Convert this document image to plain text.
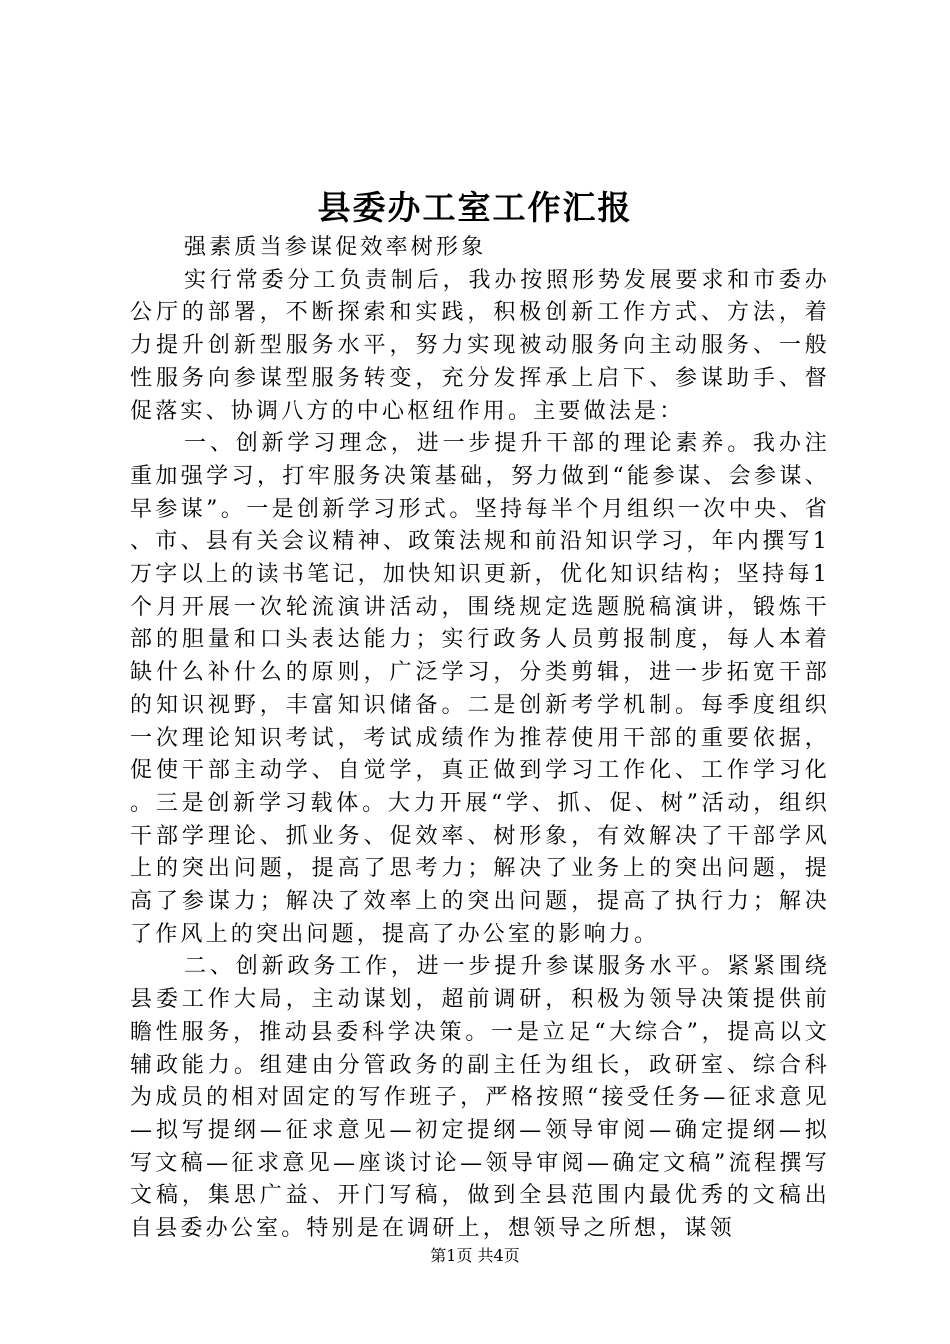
县委办工室工作汇报

强素质当参谋促效率树形象

实行常委分工负责制后，我办按照形势发展要求和市委办公厅的部署，不断探索和实践，积极创新工作方式、方法，着力提升创新型服务水平，努力实现被动服务向主动服务、一般性服务向参谋型服务转变，充分发挥承上启下、参谋助手、督促落实、协调八方的中心枢纽作用。主要做法是：

一、创新学习理念，进一步提升干部的理论素养。我办注重加强学习，打牢服务决策基础，努力做到“能参谋、会参谋、早参谋”。一是创新学习形式。坚持每半个月组织一次中央、省、市、县有关会议精神、政策法规和前沿知识学习，年内撰写1万字以上的读书笔记，加快知识更新，优化知识结构；坚持每1个月开展一次轮流演讲活动，围绕规定选题脱稿演讲，锻炼干部的胆量和口头表达能力；实行政务人员剪报制度，每人本着缺什么补什么的原则，广泛学习，分类剪辑，进一步拓宽干部的知识视野，丰富知识储备。二是创新考学机制。每季度组织一次理论知识考试，考试成绩作为推荐使用干部的重要依据，促使干部主动学、自觉学，真正做到学习工作化、工作学习化。三是创新学习载体。大力开展“学、抓、促、树”活动，组织干部学理论、抓业务、促效率、树形象，有效解决了干部学风上的突出问题，提高了思考力；解决了业务上的突出问题，提高了参谋力；解决了效率上的突出问题，提高了执行力；解决了作风上的突出问题，提高了办公室的影响力。

二、创新政务工作，进一步提升参谋服务水平。紧紧围绕县委工作大局，主动谋划，超前调研，积极为领导决策提供前瞻性服务，推动县委科学决策。一是立足“大综合”，提高以文辅政能力。组建由分管政务的副主任为组长，政研室、综合科为成员的相对固定的写作班子，严格按照“接受任务—征求意见—拟写提纲—征求意见—初定提纲—领导审阅—确定提纲—拟写文稿—征求意见—座谈讨论—领导审阅—确定文稿”流程撰写文稿，集思广益、开门写稿，做到全县范围内最优秀的文稿出自县委办公室。特别是在调研上，想领导之所想，谋领

第1页 共4页
